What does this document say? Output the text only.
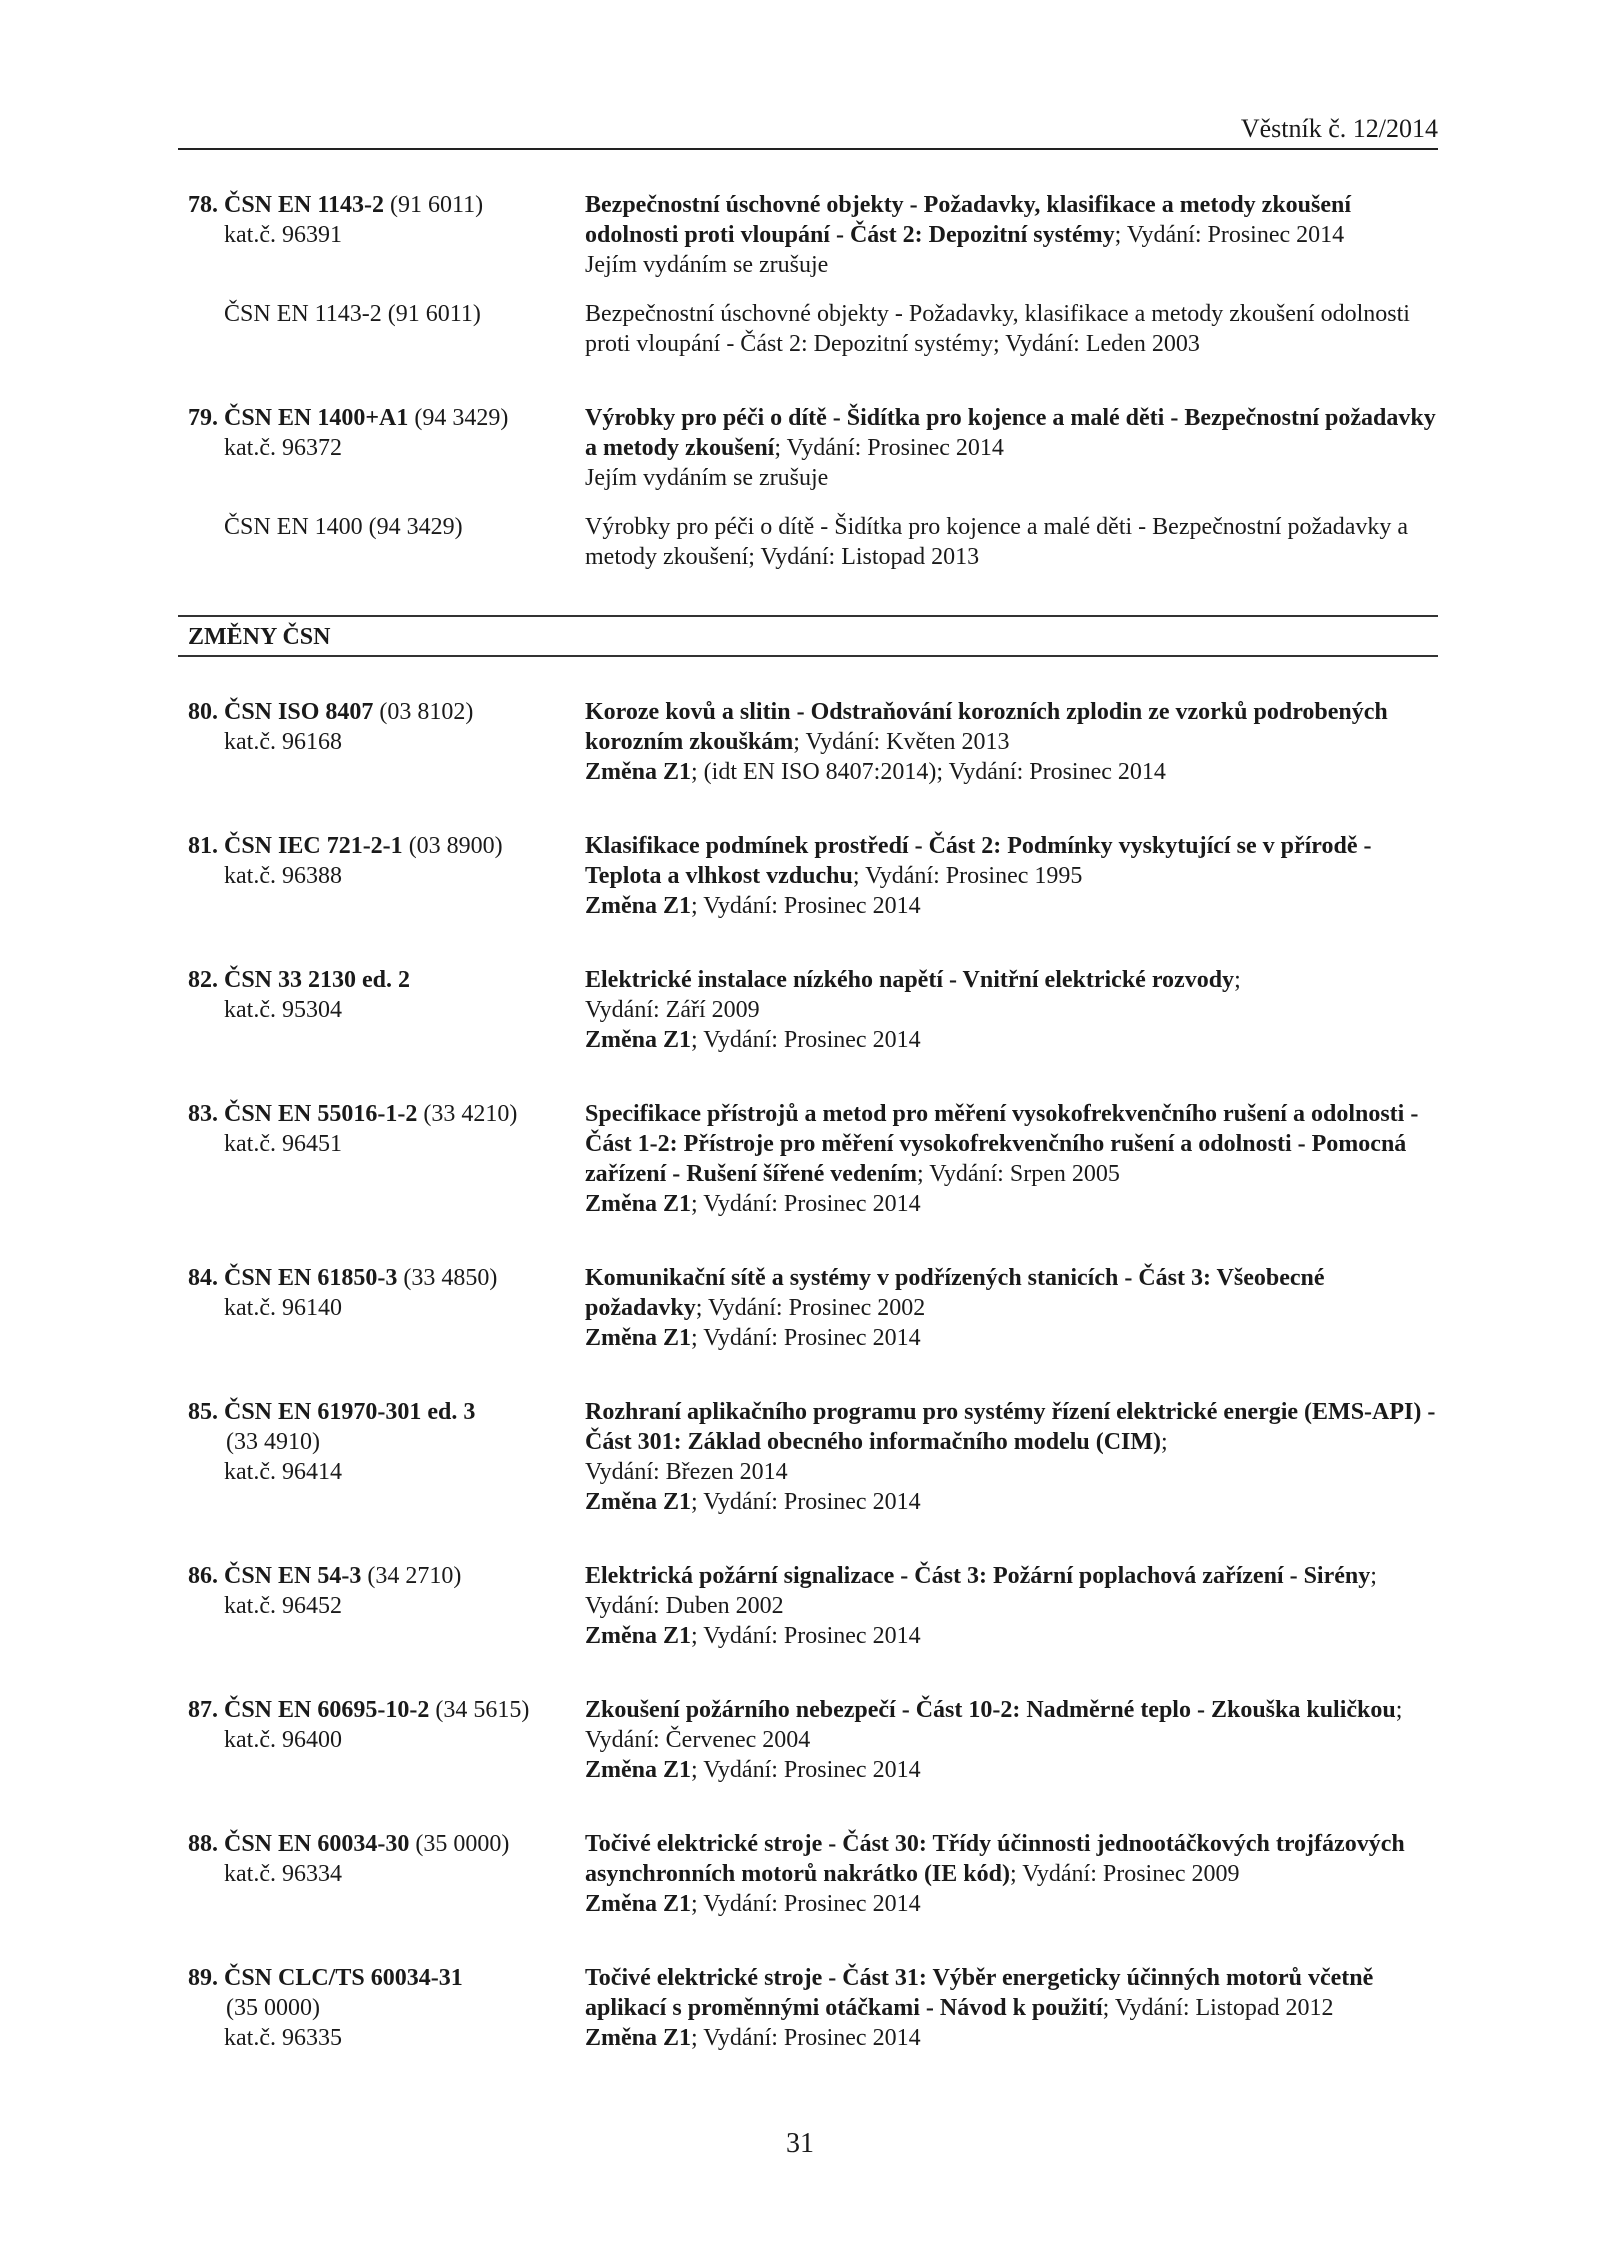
Věstník č. 12/2014
78. ČSN EN 1143-2 (91 6011)
kat.č. 96391
Bezpečnostní úschovné objekty - Požadavky, klasifikace a metody zkoušení odolnosti proti vloupání - Část 2: Depozitní systémy; Vydání: Prosinec 2014
Jejím vydáním se zrušuje
ČSN EN 1143-2 (91 6011)	Bezpečnostní úschovné objekty - Požadavky, klasifikace a metody zkoušení odolnosti proti vloupání - Část 2: Depozitní systémy; Vydání: Leden 2003
79. ČSN EN 1400+A1 (94 3429)
kat.č. 96372
Výrobky pro péči o dítě - Šidítka pro kojence a malé děti - Bezpečnostní požadavky a metody zkoušení; Vydání: Prosinec 2014
Jejím vydáním se zrušuje
ČSN EN 1400 (94 3429)	Výrobky pro péči o dítě - Šidítka pro kojence a malé děti - Bezpečnostní požadavky a metody zkoušení; Vydání: Listopad 2013
ZMĚNY ČSN
80. ČSN ISO 8407 (03 8102)
kat.č. 96168
Koroze kovů a slitin - Odstraňování korozních zplodin ze vzorků podrobených korozním zkouškám; Vydání: Květen 2013
Změna Z1; (idt EN ISO 8407:2014); Vydání: Prosinec 2014
81. ČSN IEC 721-2-1 (03 8900)
kat.č. 96388
Klasifikace podmínek prostředí - Část 2: Podmínky vyskytující se v přírodě - Teplota a vlhkost vzduchu; Vydání: Prosinec 1995
Změna Z1; Vydání: Prosinec 2014
82. ČSN 33 2130 ed. 2
kat.č. 95304
Elektrické instalace nízkého napětí - Vnitřní elektrické rozvody;
Vydání: Září 2009
Změna Z1; Vydání: Prosinec 2014
83. ČSN EN 55016-1-2 (33 4210)
kat.č. 96451
Specifikace přístrojů a metod pro měření vysokofrekvenčního rušení a odolnosti - Část 1-2: Přístroje pro měření vysokofrekvenčního rušení a odolnosti - Pomocná zařízení - Rušení šířené vedením; Vydání: Srpen 2005
Změna Z1; Vydání: Prosinec 2014
84. ČSN EN 61850-3 (33 4850)
kat.č. 96140
Komunikační sítě a systémy v podřízených stanicích - Část 3: Všeobecné požadavky; Vydání: Prosinec 2002
Změna Z1; Vydání: Prosinec 2014
85. ČSN EN 61970-301 ed. 3
(33 4910)
kat.č. 96414
Rozhraní aplikačního programu pro systémy řízení elektrické energie (EMS-API) - Část 301: Základ obecného informačního modelu (CIM);
Vydání: Březen 2014
Změna Z1; Vydání: Prosinec 2014
86. ČSN EN 54-3 (34 2710)
kat.č. 96452
Elektrická požární signalizace - Část 3: Požární poplachová zařízení - Sirény;
Vydání: Duben 2002
Změna Z1; Vydání: Prosinec 2014
87. ČSN EN 60695-10-2 (34 5615)
kat.č. 96400
Zkoušení požárního nebezpečí - Část 10-2: Nadměrné teplo - Zkouška kuličkou;
Vydání: Červenec 2004
Změna Z1; Vydání: Prosinec 2014
88. ČSN EN 60034-30 (35 0000)
kat.č. 96334
Točivé elektrické stroje - Část 30: Třídy účinnosti jednootáčkových trojfázových asynchronních motorů nakrátko (IE kód); Vydání: Prosinec 2009
Změna Z1; Vydání: Prosinec 2014
89. ČSN CLC/TS 60034-31
(35 0000)
kat.č. 96335
Točivé elektrické stroje - Část 31: Výběr energeticky účinných motorů včetně aplikací s proměnnými otáčkami - Návod k použití; Vydání: Listopad 2012
Změna Z1; Vydání: Prosinec 2014
31
